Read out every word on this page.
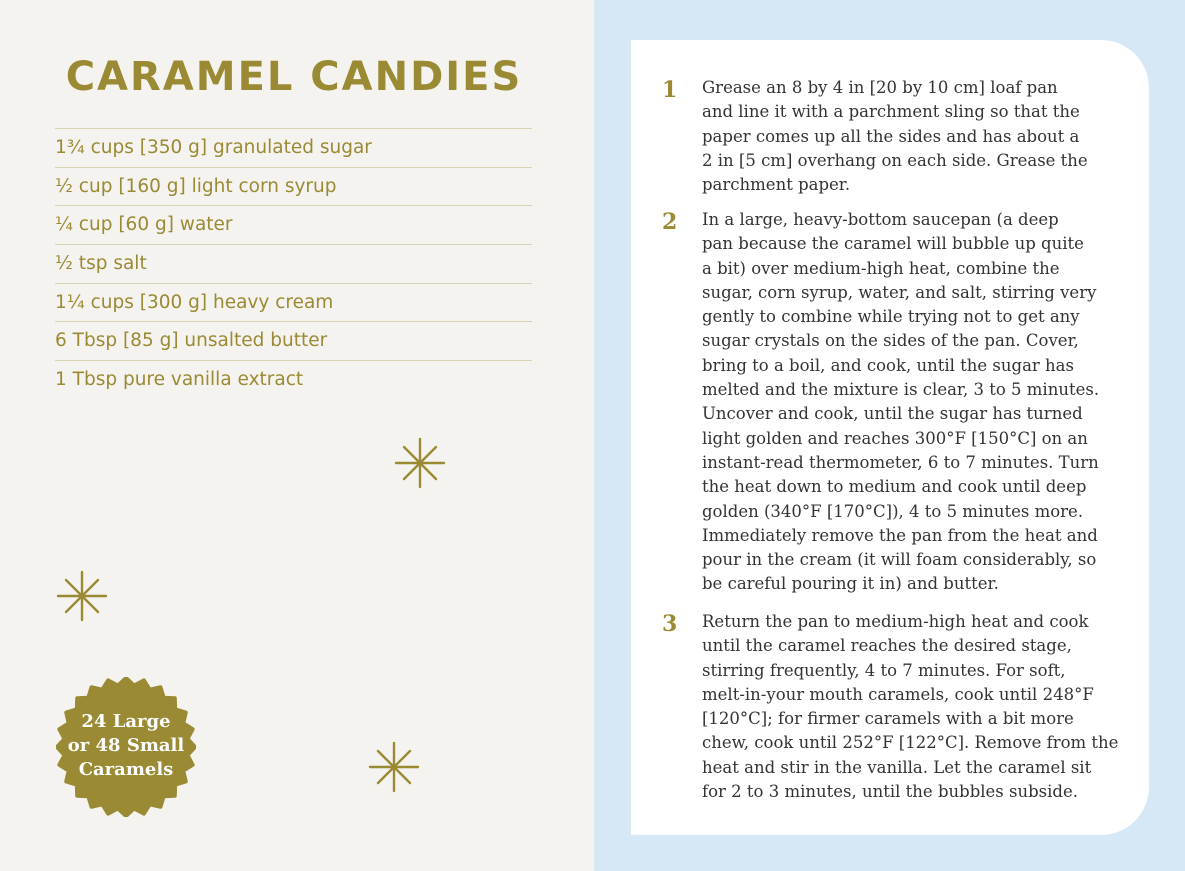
CARAMEL CANDIES
1¾ cups [350 g] granulated sugar
½ cup [160 g] light corn syrup
¼ cup [60 g] water
½ tsp salt
1¼ cups [300 g] heavy cream
6 Tbsp [85 g] unsalted butter
1 Tbsp pure vanilla extract
24 Large
or 48 Small
Caramels
1 Grease an 8 by 4 in [20 by 10 cm] loaf pan
and line it with a parchment sling so that the
paper comes up all the sides and has about a
2 in [5 cm] overhang on each side. Grease the
parchment paper.

2 In a large, heavy-bottom saucepan (a deep
pan because the caramel will bubble up quite
a bit) over medium-high heat, combine the
sugar, corn syrup, water, and salt, stirring very
gently to combine while trying not to get any
sugar crystals on the sides of the pan. Cover,
bring to a boil, and cook, until the sugar has
melted and the mixture is clear, 3 to 5 minutes.
Uncover and cook, until the sugar has turned
light golden and reaches 300°F [150°C] on an
instant-read thermometer, 6 to 7 minutes. Turn
the heat down to medium and cook until deep
golden (340°F [170°C]), 4 to 5 minutes more.
Immediately remove the pan from the heat and
pour in the cream (it will foam considerably, so
be careful pouring it in) and butter.

3 Return the pan to medium-high heat and cook
until the caramel reaches the desired stage,
stirring frequently, 4 to 7 minutes. For soft,
melt-in-your mouth caramels, cook until 248°F
[120°C]; for firmer caramels with a bit more
chew, cook until 252°F [122°C]. Remove from the
heat and stir in the vanilla. Let the caramel sit
for 2 to 3 minutes, until the bubbles subside.
